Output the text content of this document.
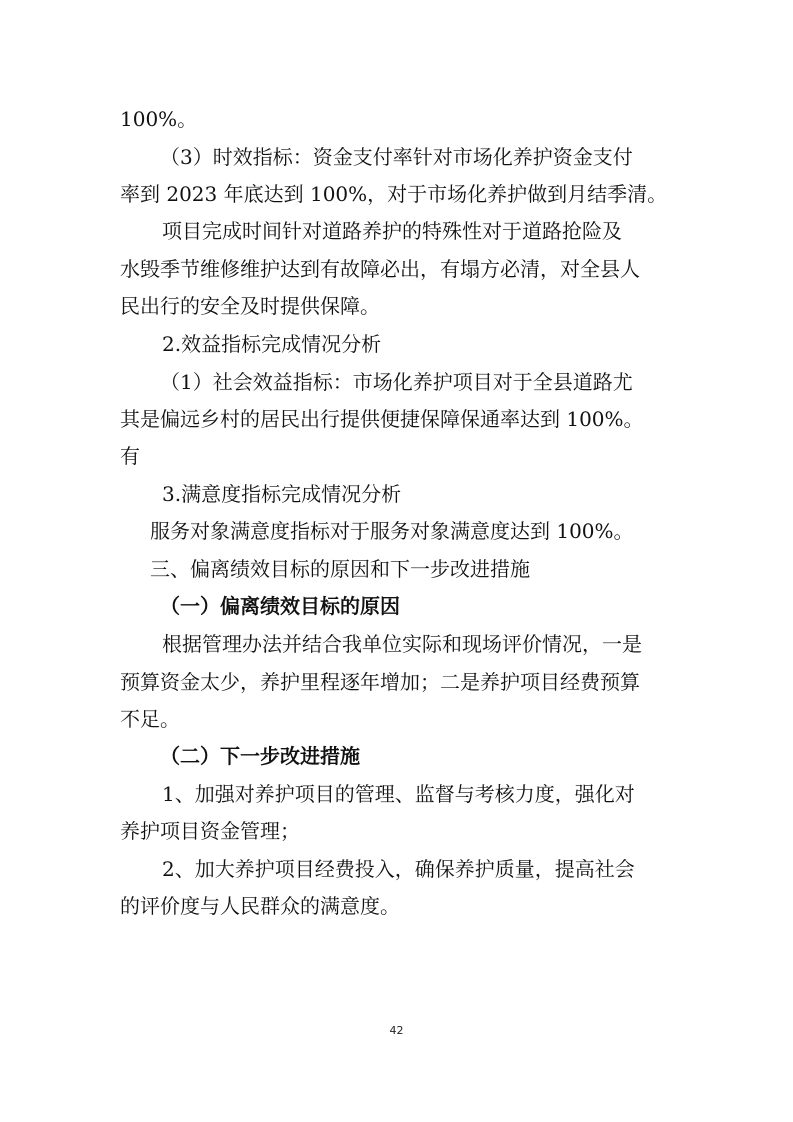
100%。
（3）时效指标：资金支付率针对市场化养护资金支付
率到 2023 年底达到 100%，对于市场化养护做到月结季清。
项目完成时间针对道路养护的特殊性对于道路抢险及
水毁季节维修维护达到有故障必出，有塌方必清，对全县人
民出行的安全及时提供保障。
2.效益指标完成情况分析
（1）社会效益指标：市场化养护项目对于全县道路尤
其是偏远乡村的居民出行提供便捷保障保通率达到 100%。
有
3.满意度指标完成情况分析
服务对象满意度指标对于服务对象满意度达到 100%。
三、偏离绩效目标的原因和下一步改进措施
（一）偏离绩效目标的原因
根据管理办法并结合我单位实际和现场评价情况，一是
预算资金太少，养护里程逐年增加；二是养护项目经费预算
不足。
（二）下一步改进措施
1、加强对养护项目的管理、监督与考核力度，强化对
养护项目资金管理；
2、加大养护项目经费投入，确保养护质量，提高社会
的评价度与人民群众的满意度。
42
